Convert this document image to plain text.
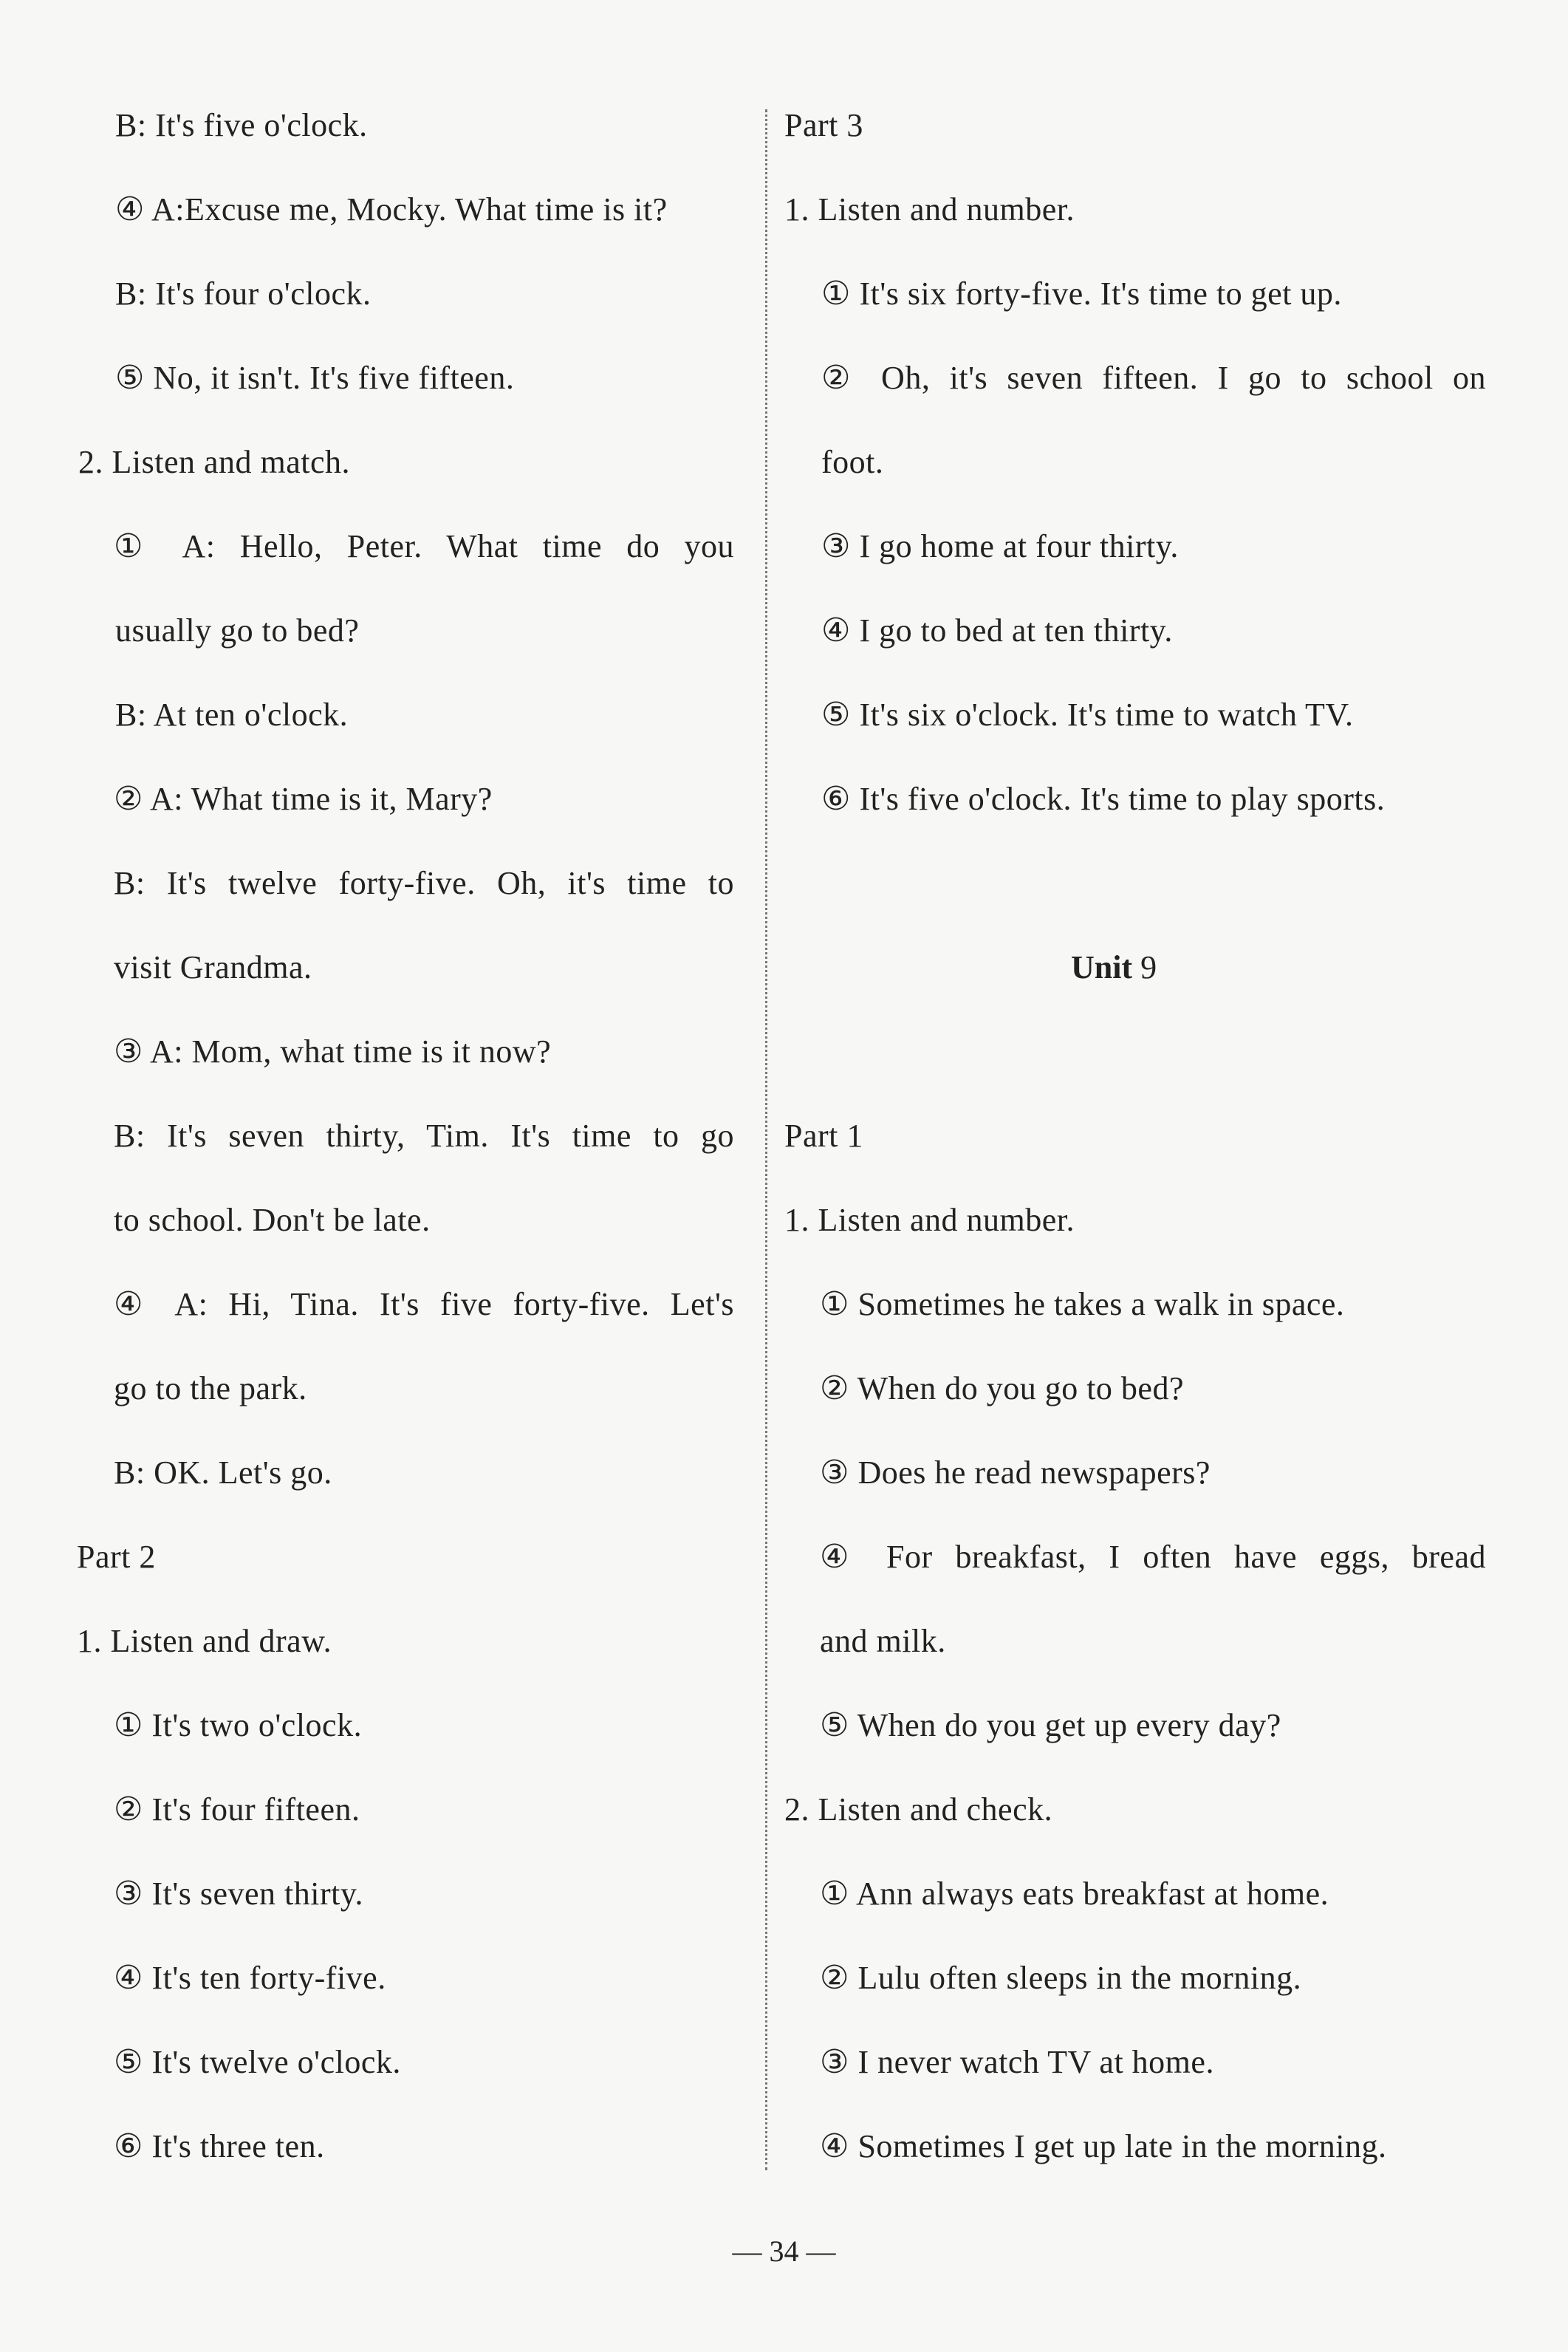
B: It's five o'clock.
④ A:Excuse me, Mocky. What time is it?
B: It's four o'clock.
⑤ No, it isn't. It's five fifteen.
2. Listen and match.
① A: Hello, Peter. What time do you
usually go to bed?
B: At ten o'clock.
② A: What time is it, Mary?
B: It's twelve forty-five. Oh, it's time to
visit Grandma.
③ A: Mom, what time is it now?
B: It's seven thirty, Tim. It's time to go
to school. Don't be late.
④ A: Hi, Tina. It's five forty-five. Let's
go to the park.
B: OK. Let's go.
Part 2
1. Listen and draw.
① It's two o'clock.
② It's four fifteen.
③ It's seven thirty.
④ It's ten forty-five.
⑤ It's twelve o'clock.
⑥ It's three ten.
Part 3
1. Listen and number.
① It's six forty-five. It's time to get up.
② Oh, it's seven fifteen. I go to school on
foot.
③ I go home at four thirty.
④ I go to bed at ten thirty.
⑤ It's six o'clock. It's time to watch TV.
⑥ It's five o'clock. It's time to play sports.
Unit 9
Part 1
1. Listen and number.
① Sometimes he takes a walk in space.
② When do you go to bed?
③ Does he read newspapers?
④ For breakfast, I often have eggs, bread
and milk.
⑤ When do you get up every day?
2. Listen and check.
① Ann always eats breakfast at home.
② Lulu often sleeps in the morning.
③ I never watch TV at home.
④ Sometimes I get up late in the morning.
— 34 —
